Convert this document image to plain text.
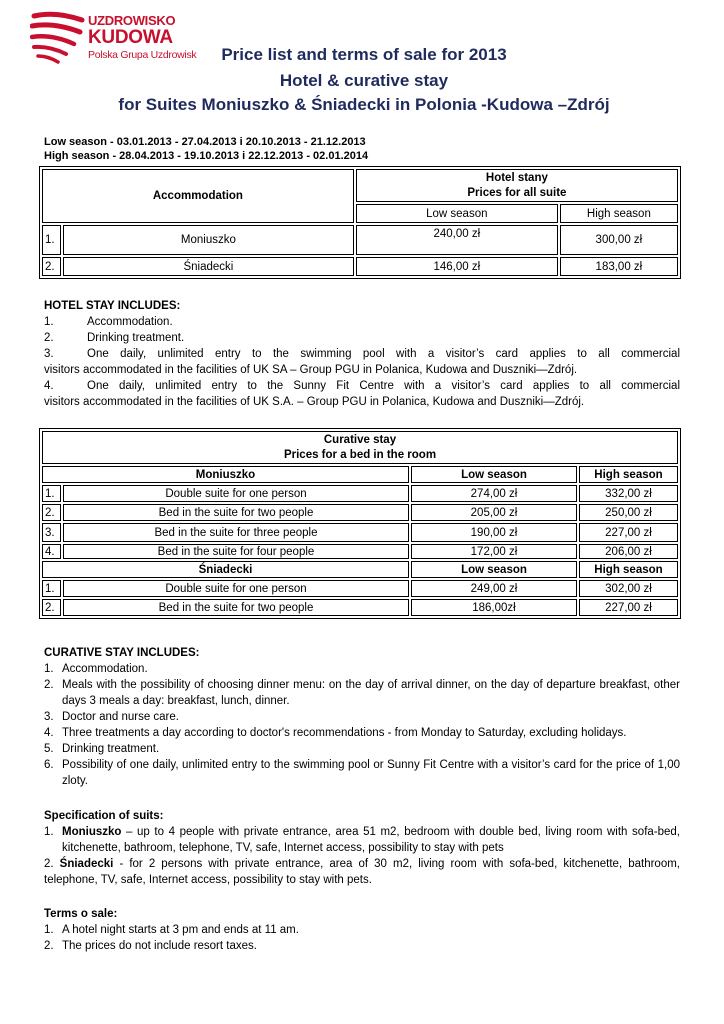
UZDROWISKO
KUDOWA
Polska Grupa Uzdrowisk	Price list and terms of sale for 2013
Hotel & curative stay
for Suites Moniuszko & Śniadecki in Polonia -Kudowa –Zdrój
Low season - 03.01.2013 - 27.04.2013 i 20.10.2013 - 21.12.2013
High season - 28.04.2013 - 19.10.2013 i 22.12.2013 - 02.01.2014
Accommodation		Hotel stany
Prices for all suite	

		Low season	High season
1.	Moniuszko	240,00 zł	300,00 zł
2.	Śniadecki	146,00 zł	183,00 zł
HOTEL STAY INCLUDES:
1.	Accommodation.
2.	Drinking treatment.
3.	One daily, unlimited entry to the swimming pool with a visitor’s card applies to all commercial
visitors accommodated in the facilities of UK SA – Group PGU in Polanica, Kudowa and Duszniki—Zdrój.
4.	One daily, unlimited entry to the Sunny Fit Centre with a visitor’s card applies to all commercial
visitors accommodated in the facilities of UK S.A. – Group PGU in Polanica, Kudowa and Duszniki—Zdrój.
Curative stay
Prices for a bed in the room			

Moniuszko		Low season	High season
1.	Double suite for one person	274,00 zł	332,00 zł
2.	Bed in the suite for two people	205,00 zł	250,00 zł
3.	Bed in the suite for three people	190,00 zł	227,00 zł
4.	Bed in the suite for four people	172,00 zł	206,00 zł
Śniadecki		Low season	High season
1.	Double suite for one person	249,00 zł	302,00 zł
2.	Bed in the suite for two people	186,00zł	227,00 zł
CURATIVE STAY INCLUDES:
1. Accommodation.
2. Meals with the possibility of choosing dinner menu: on the day of arrival dinner, on the day of departure breakfast, other days 3 meals a day: breakfast, lunch, dinner.
3. Doctor and nurse care.
4. Three treatments a day according to doctor's recommendations - from Monday to Saturday, excluding holidays.
5. Drinking treatment.
6. Possibility of one daily, unlimited entry to the swimming pool or Sunny Fit Centre with a visitor’s card for the price of 1,00 zloty.
Specification of suits:
1. Moniuszko – up to 4 people with private entrance, area 51 m2, bedroom with double bed, living room with sofa-bed, kitchenette, bathroom, telephone, TV, safe, Internet access, possibility to stay with pets
2. Śniadecki - for 2 persons with private entrance, area of 30 m2, living room with sofa-bed, kitchenette, bathroom,
telephone, TV, safe, Internet access, possibility to stay with pets.
Terms o sale:
1. A hotel night starts at 3 pm and ends at 11 am.
2. The prices do not include resort taxes.
